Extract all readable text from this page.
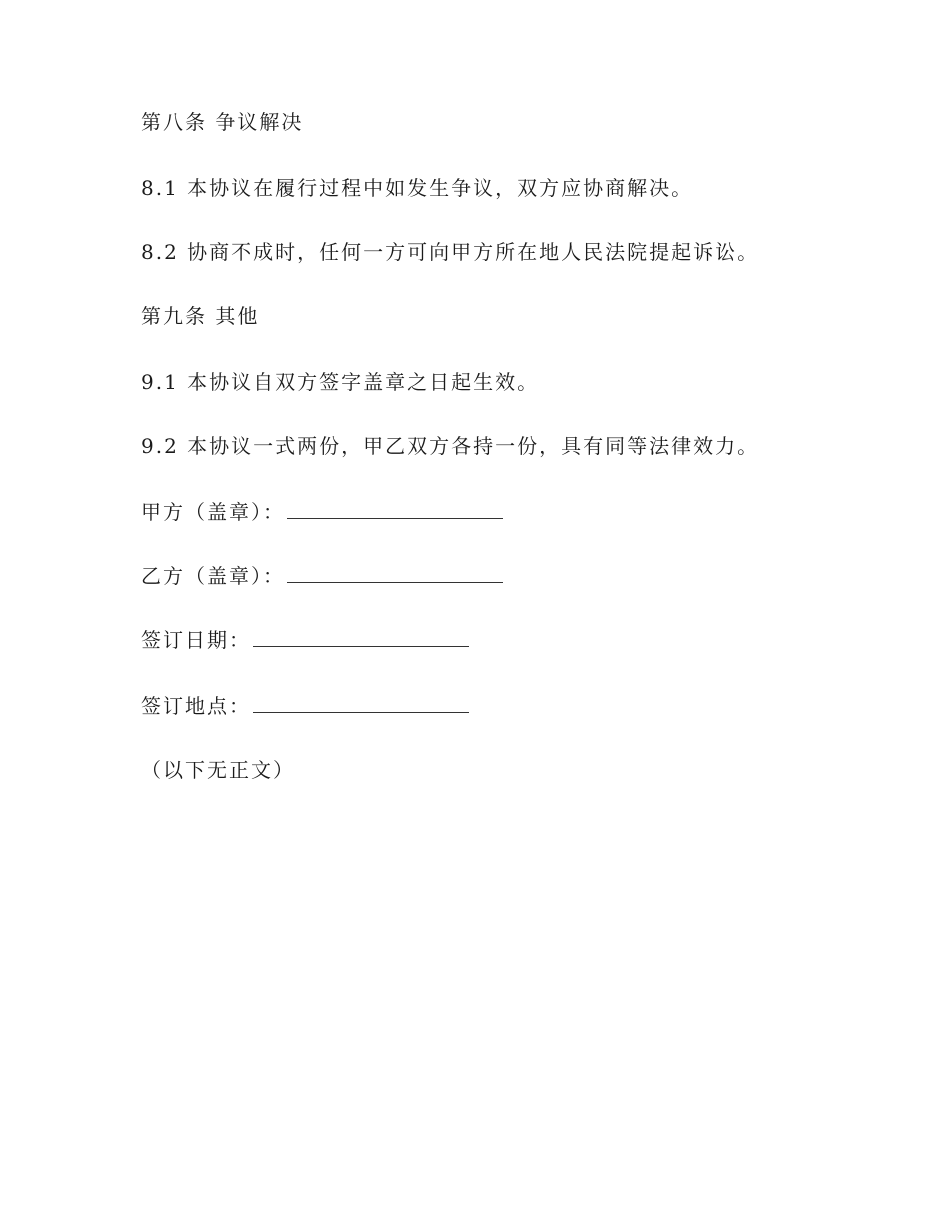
第八条 争议解决
8.1 本协议在履行过程中如发生争议，双方应协商解决。
8.2 协商不成时，任何一方可向甲方所在地人民法院提起诉讼。
第九条 其他
9.1 本协议自双方签字盖章之日起生效。
9.2 本协议一式两份，甲乙双方各持一份，具有同等法律效力。
甲方（盖章）：
乙方（盖章）：
签订日期：
签订地点：
（以下无正文）
